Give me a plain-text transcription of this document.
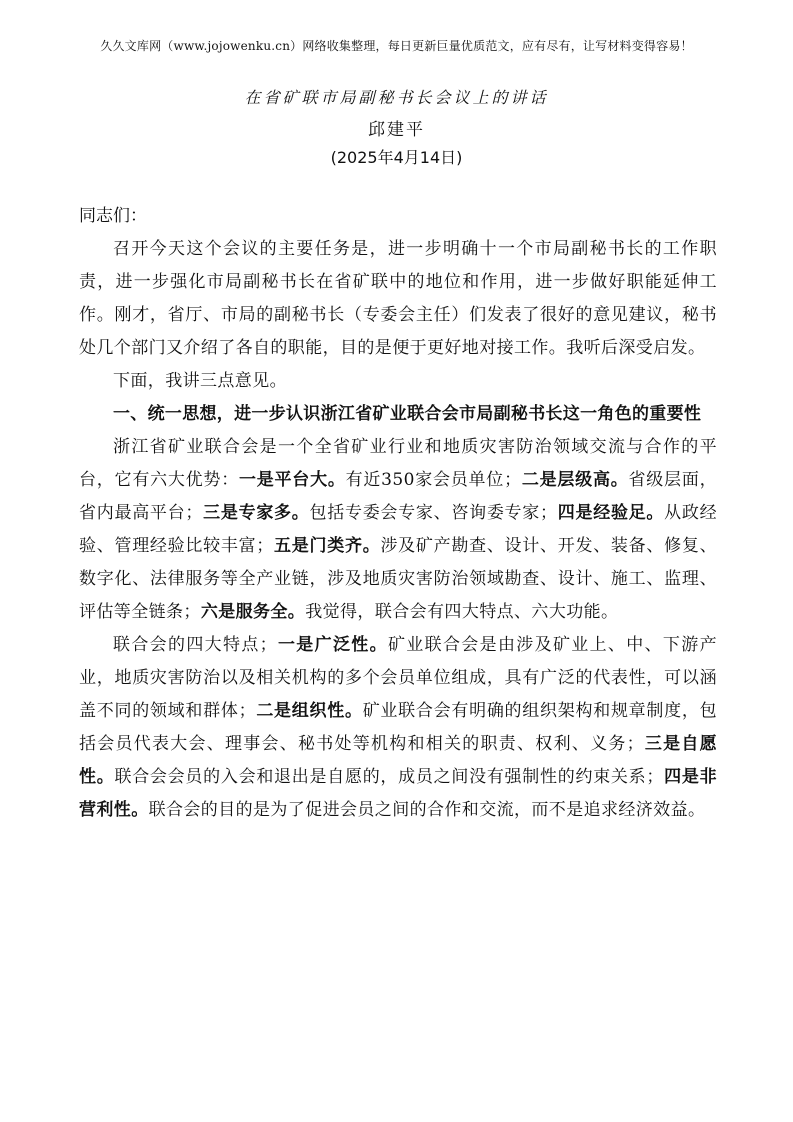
久久文库网（www.jojowenku.cn）网络收集整理，每日更新巨量优质范文，应有尽有，让写材料变得容易！
在省矿联市局副秘书长会议上的讲话
邱建平
(2025年4月14日)

同志们：

召开今天这个会议的主要任务是，进一步明确十一个市局副秘书长的工作职责，进一步强化市局副秘书长在省矿联中的地位和作用，进一步做好职能延伸工作。刚才，省厅、市局的副秘书长（专委会主任）们发表了很好的意见建议，秘书处几个部门又介绍了各自的职能，目的是便于更好地对接工作。我听后深受启发。

下面，我讲三点意见。

一、统一思想，进一步认识浙江省矿业联合会市局副秘书长这一角色的重要性

浙江省矿业联合会是一个全省矿业行业和地质灾害防治领域交流与合作的平台，它有六大优势：一是平台大。有近350家会员单位；二是层级高。省级层面，省内最高平台；三是专家多。包括专委会专家、咨询委专家；四是经验足。从政经验、管理经验比较丰富；五是门类齐。涉及矿产勘查、设计、开发、装备、修复、数字化、法律服务等全产业链，涉及地质灾害防治领域勘查、设计、施工、监理、评估等全链条；六是服务全。我觉得，联合会有四大特点、六大功能。

联合会的四大特点；一是广泛性。矿业联合会是由涉及矿业上、中、下游产业，地质灾害防治以及相关机构的多个会员单位组成，具有广泛的代表性，可以涵盖不同的领域和群体；二是组织性。矿业联合会有明确的组织架构和规章制度，包括会员代表大会、理事会、秘书处等机构和相关的职责、权利、义务；三是自愿性。联合会会员的入会和退出是自愿的，成员之间没有强制性的约束关系；四是非营利性。联合会的目的是为了促进会员之间的合作和交流，而不是追求经济效益。
